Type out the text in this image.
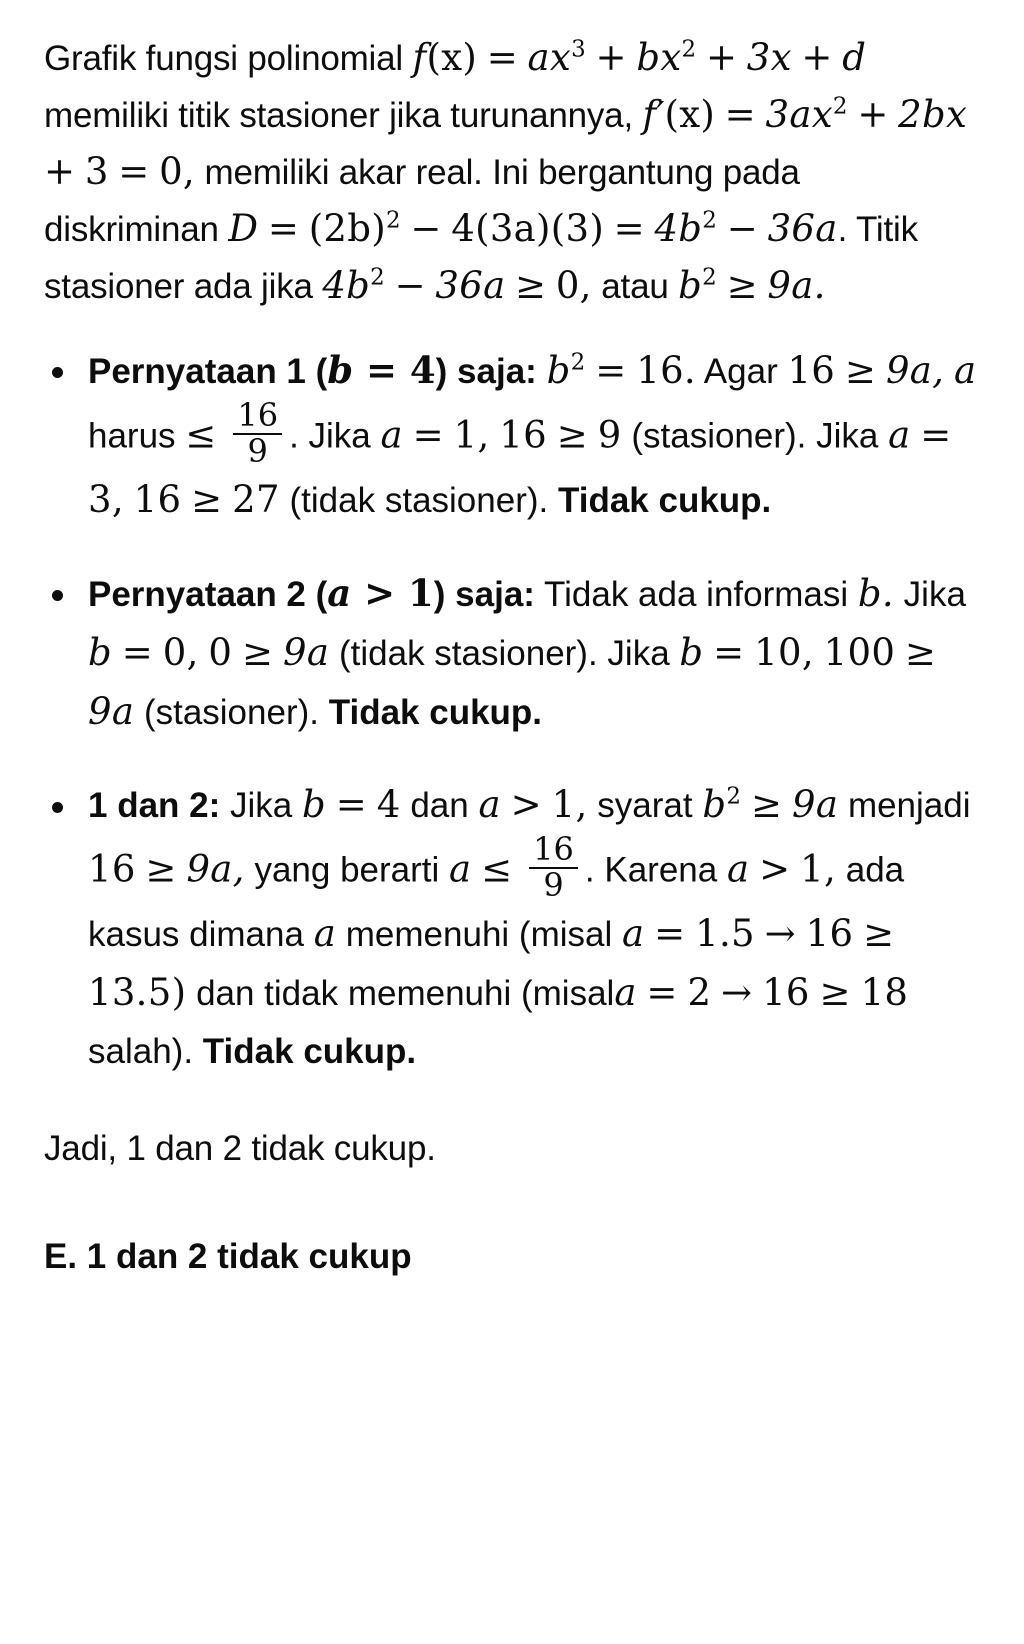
Grafik fungsi polinomial $f(x) = ax^3 + bx^2 + 3x + d$ memiliki titik stasioner jika turunannya, $f'(x) = 3ax^2 + 2bx + 3 = 0$, memiliki akar real. Ini bergantung pada diskriminan $D = (2b)^2 - 4(3a)(3) = 4b^2 - 36a$. Titik stasioner ada jika $4b^2 - 36a \ge 0$, atau $b^2 \ge 9a$.

Pernyataan 1 (b = 4) saja: $b^2 = 16$. Agar 16 ≥ 9a, a harus ≤ $\frac{16}{9}$ . Jika a = 1, 16 ≥ 9 (stasioner). Jika a = 3, 16 ≥ 27 (tidak stasioner). Tidak cukup.
Pernyataan 2 (a > 1) saja: Tidak ada informasi b. Jika b = 0, 0 ≥ 9a (tidak stasioner). Jika b = 10, 100 ≥ 9a (stasioner). Tidak cukup.
1 dan 2: Jika b = 4 dan a > 1, syarat $b^2 \ge 9a$ menjadi 16 ≥ 9a, yang berarti $a \le \frac{16}{9}$ . Karena a > 1, ada kasus dimana a memenuhi (misal a = 1.5 → 16 ≥ 13.5) dan tidak memenuhi (misala = 2 → 16 ≥ 18 salah). Tidak cukup.

Jadi, 1 dan 2 tidak cukup.

E. 1 dan 2 tidak cukup
